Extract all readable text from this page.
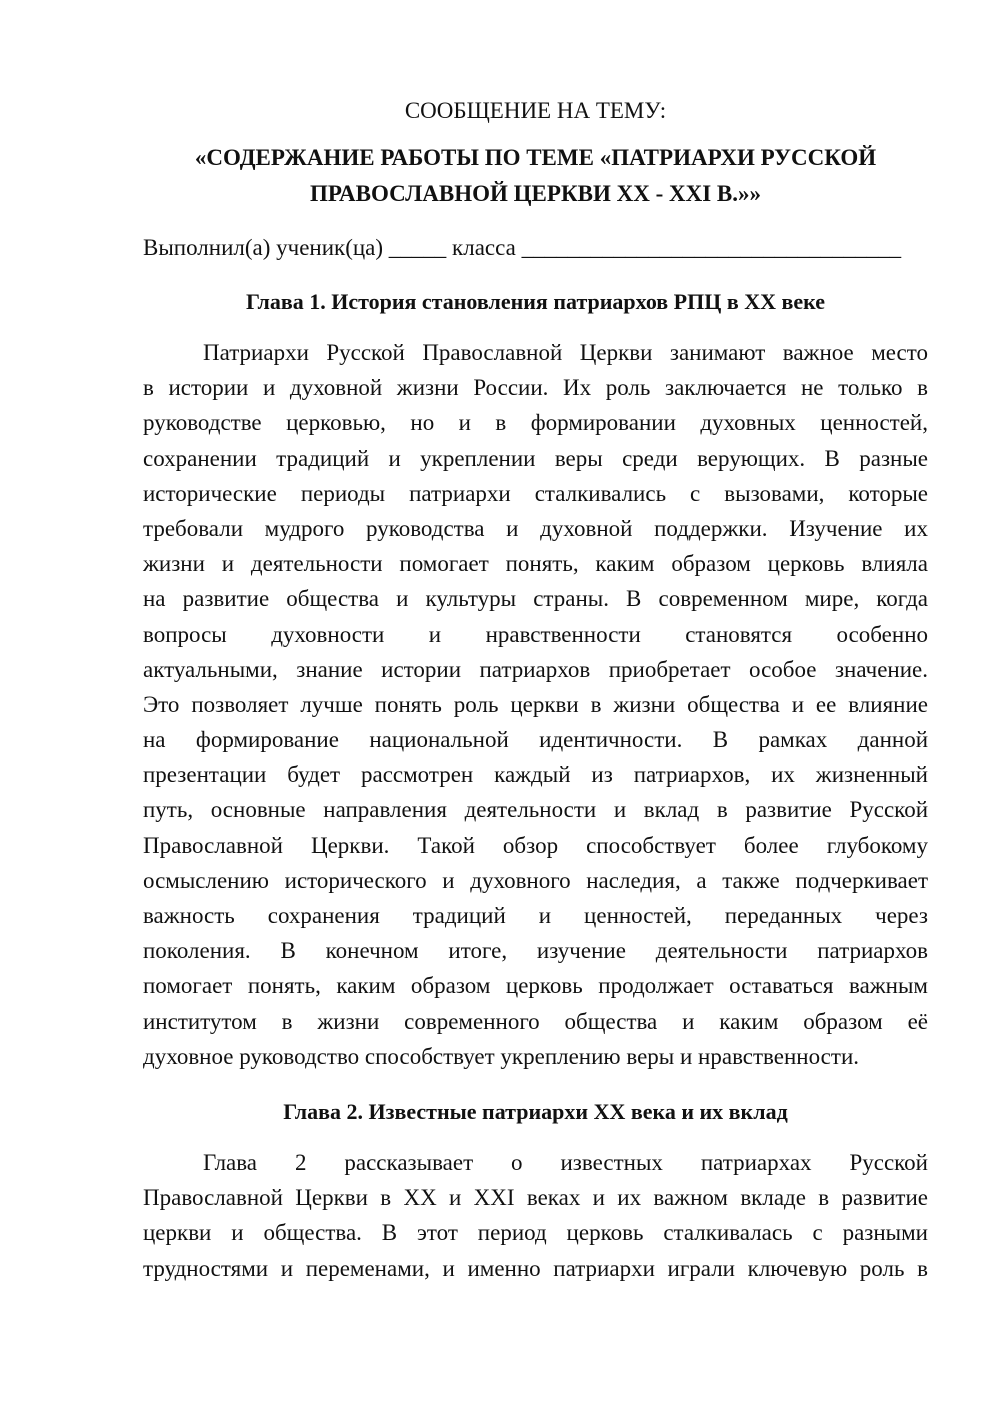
СООБЩЕНИЕ НА ТЕМУ:
«СОДЕРЖАНИЕ РАБОТЫ ПО ТЕМЕ «ПАТРИАРХИ РУССКОЙ
ПРАВОСЛАВНОЙ ЦЕРКВИ XX - XXI В.»»
Выполнил(а) ученик(ца) _____ класса _________________________________
Глава 1. История становления патриархов РПЦ в XX веке
Патриархи Русской Православной Церкви занимают важное место
в истории и духовной жизни России. Их роль заключается не только в
руководстве церковью, но и в формировании духовных ценностей,
сохранении традиций и укреплении веры среди верующих. В разные
исторические периоды патриархи сталкивались с вызовами, которые
требовали мудрого руководства и духовной поддержки. Изучение их
жизни и деятельности помогает понять, каким образом церковь влияла
на развитие общества и культуры страны. В современном мире, когда
вопросы духовности и нравственности становятся особенно
актуальными, знание истории патриархов приобретает особое значение.
Это позволяет лучше понять роль церкви в жизни общества и ее влияние
на формирование национальной идентичности. В рамках данной
презентации будет рассмотрен каждый из патриархов, их жизненный
путь, основные направления деятельности и вклад в развитие Русской
Православной Церкви. Такой обзор способствует более глубокому
осмыслению исторического и духовного наследия, а также подчеркивает
важность сохранения традиций и ценностей, переданных через
поколения. В конечном итоге, изучение деятельности патриархов
помогает понять, каким образом церковь продолжает оставаться важным
институтом в жизни современного общества и каким образом её
духовное руководство способствует укреплению веры и нравственности.
Глава 2. Известные патриархи XX века и их вклад
Глава 2 рассказывает о известных патриархах Русской
Православной Церкви в XX и XXI веках и их важном вкладе в развитие
церкви и общества. В этот период церковь сталкивалась с разными
трудностями и переменами, и именно патриархи играли ключевую роль в
